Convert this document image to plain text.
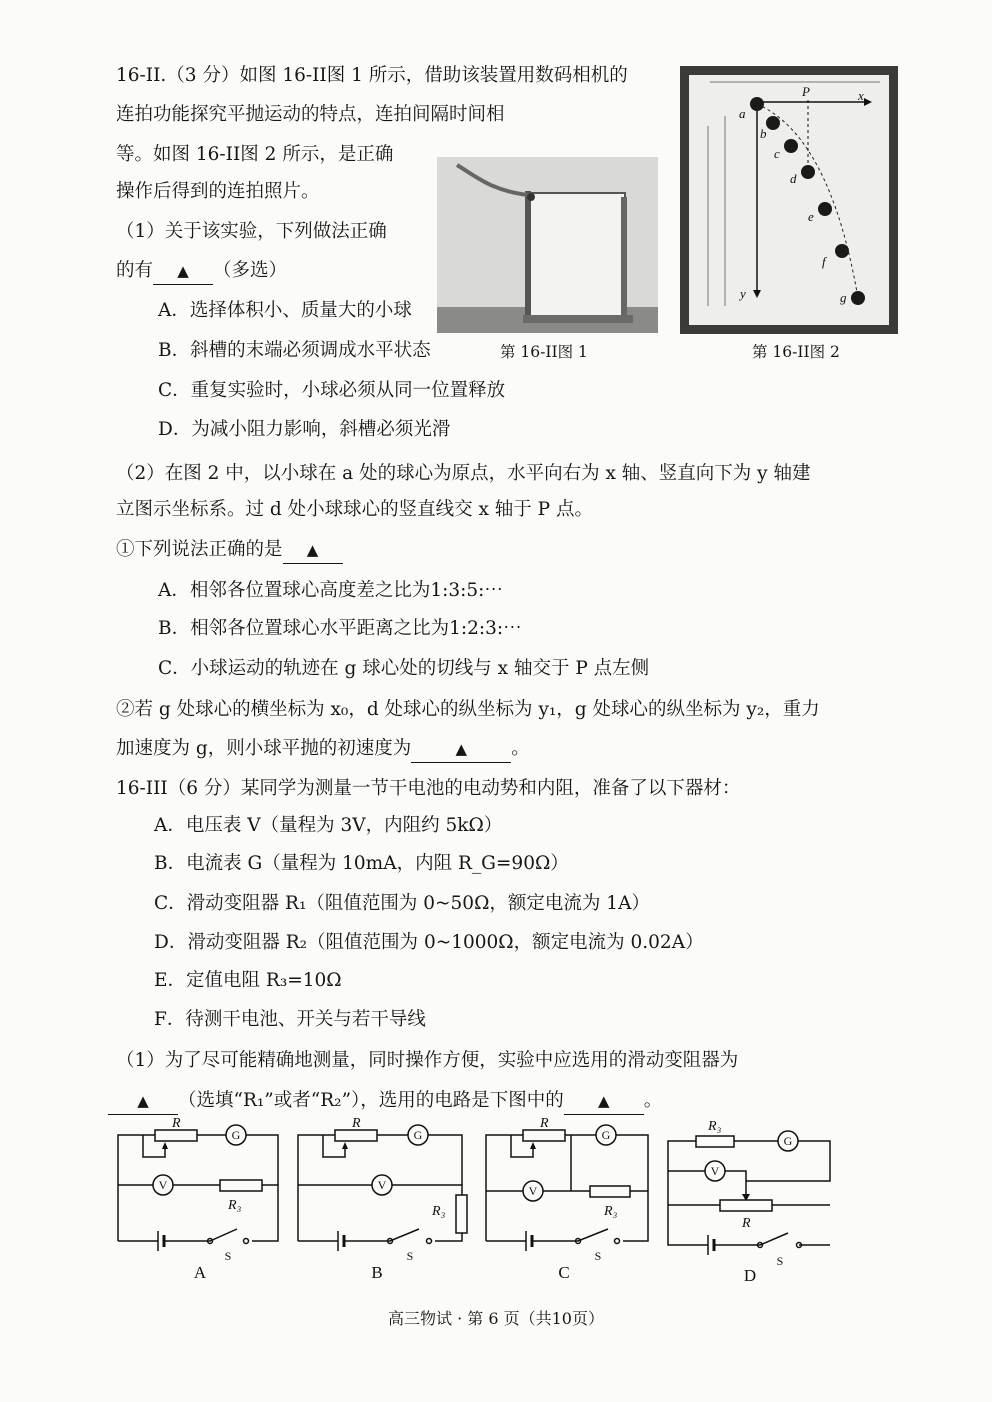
16-II.（3 分）如图 16-II图 1 所示，借助该装置用数码相机的
连拍功能探究平抛运动的特点，连拍间隔时间相
等。如图 16-II图 2 所示，是正确
操作后得到的连拍照片。
（1）关于该实验，下列做法正确
的有 ▲ （多选）
A．选择体积小、质量大的小球
B．斜槽的末端必须调成水平状态
C．重复实验时，小球必须从同一位置释放
D．为减小阻力影响，斜槽必须光滑
第 16-II图 1
P	x
y
a
b
c
d
e
f
g
第 16-II图 2
（2）在图 2 中，以小球在 a 处的球心为原点，水平向右为 x 轴、竖直向下为 y 轴建
立图示坐标系。过 d 处小球球心的竖直线交 x 轴于 P 点。
①下列说法正确的是 ▲
A．相邻各位置球心高度差之比为1:3:5:⋯
B．相邻各位置球心水平距离之比为1:2:3:⋯
C．小球运动的轨迹在 g 球心处的切线与 x 轴交于 P 点左侧
②若 g 处球心的横坐标为 x₀，d 处球心的纵坐标为 y₁，g 处球心的纵坐标为 y₂，重力
加速度为 g，则小球平抛的初速度为	▲ 。
16-III（6 分）某同学为测量一节干电池的电动势和内阻，准备了以下器材：
A．电压表 V（量程为 3V，内阻约 5kΩ）
B．电流表 G（量程为 10mA，内阻 R_G=90Ω）
C．滑动变阻器 R₁（阻值范围为 0~50Ω，额定电流为 1A）
D．滑动变阻器 R₂（阻值范围为 0~1000Ω，额定电流为 0.02A）
E．定值电阻 R₃=10Ω
F．待测干电池、开关与若干导线
（1）为了尽可能精确地测量，同时操作方便，实验中应选用的滑动变阻器为
▲ （选填“R₁”或者“R₂”），选用的电路是下图中的 ▲ 。
R
R₃
G
V
S
A
R
R₃
G
V
S
B
R
R₃
G
V
S
C
R₃
R
G
V
S
D
高三物试 · 第 6 页（共10页）
